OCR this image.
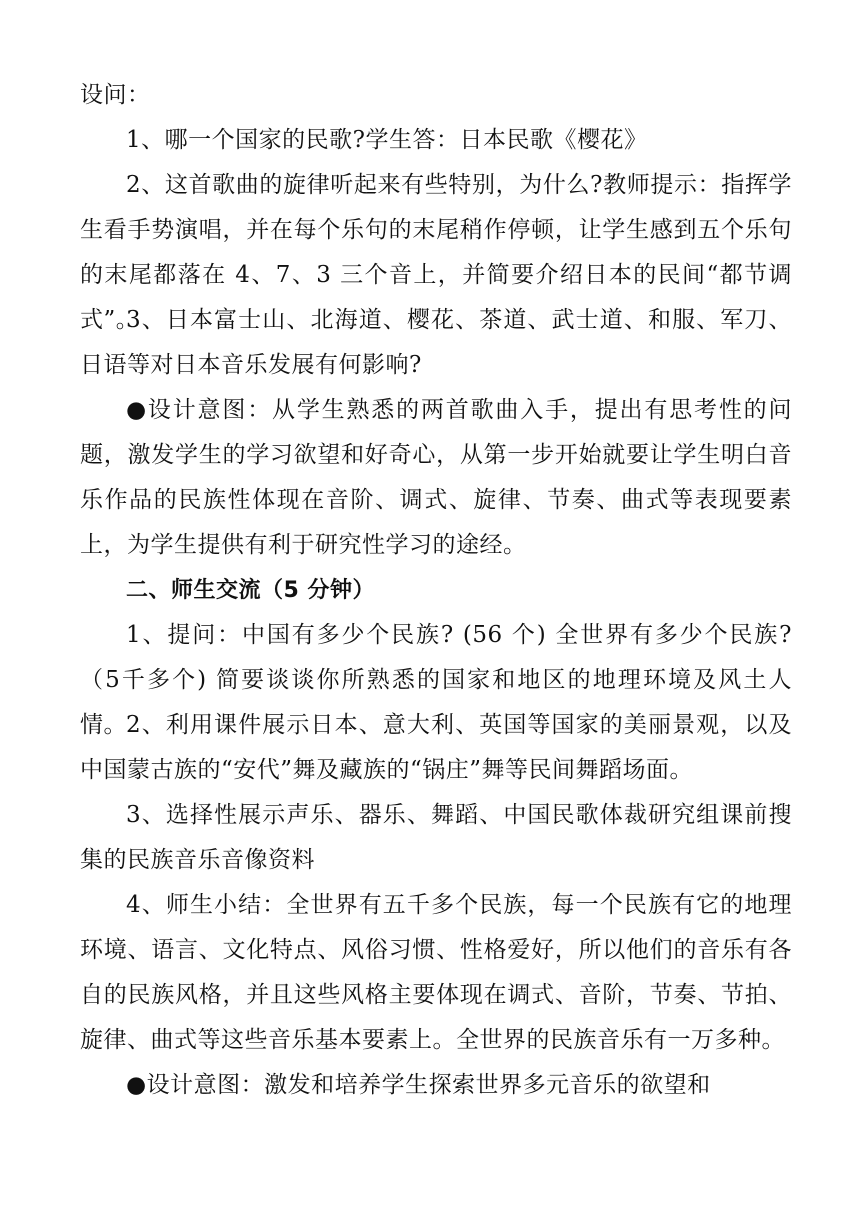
设问：

1、哪一个国家的民歌?学生答：日本民歌《樱花》

2、这首歌曲的旋律听起来有些特别，为什么?教师提示：指挥学生看手势演唱，并在每个乐句的末尾稍作停顿，让学生感到五个乐句的末尾都落在 4、7、3 三个音上，并简要介绍日本的民间“都节调式”。

3、日本富士山、北海道、樱花、茶道、武士道、和服、军刀、日语等对日本音乐发展有何影响?

●设计意图：从学生熟悉的两首歌曲入手，提出有思考性的问题，激发学生的学习欲望和好奇心，从第一步开始就要让学生明白音乐作品的民族性体现在音阶、调式、旋律、节奏、曲式等表现要素上，为学生提供有利于研究性学习的途经。

二、师生交流（5 分钟）

1、提问：中国有多少个民族? (56 个) 全世界有多少个民族? （5千多个) 简要谈谈你所熟悉的国家和地区的地理环境及风土人情。 2、利用课件展示日本、意大利、英国等国家的美丽景观，以及中国蒙古族的“安代”舞及藏族的“锅庄”舞等民间舞蹈场面。

3、选择性展示声乐、器乐、舞蹈、中国民歌体裁研究组课前搜集的民族音乐音像资料

4、师生小结：全世界有五千多个民族，每一个民族有它的地理环境、语言、文化特点、风俗习惯、性格爱好，所以他们的音乐有各自的民族风格，并且这些风格主要体现在调式、音阶，节奏、节拍、旋律、曲式等这些音乐基本要素上。全世界的民族音乐有一万多种。

●设计意图：激发和培养学生探索世界多元音乐的欲望和
